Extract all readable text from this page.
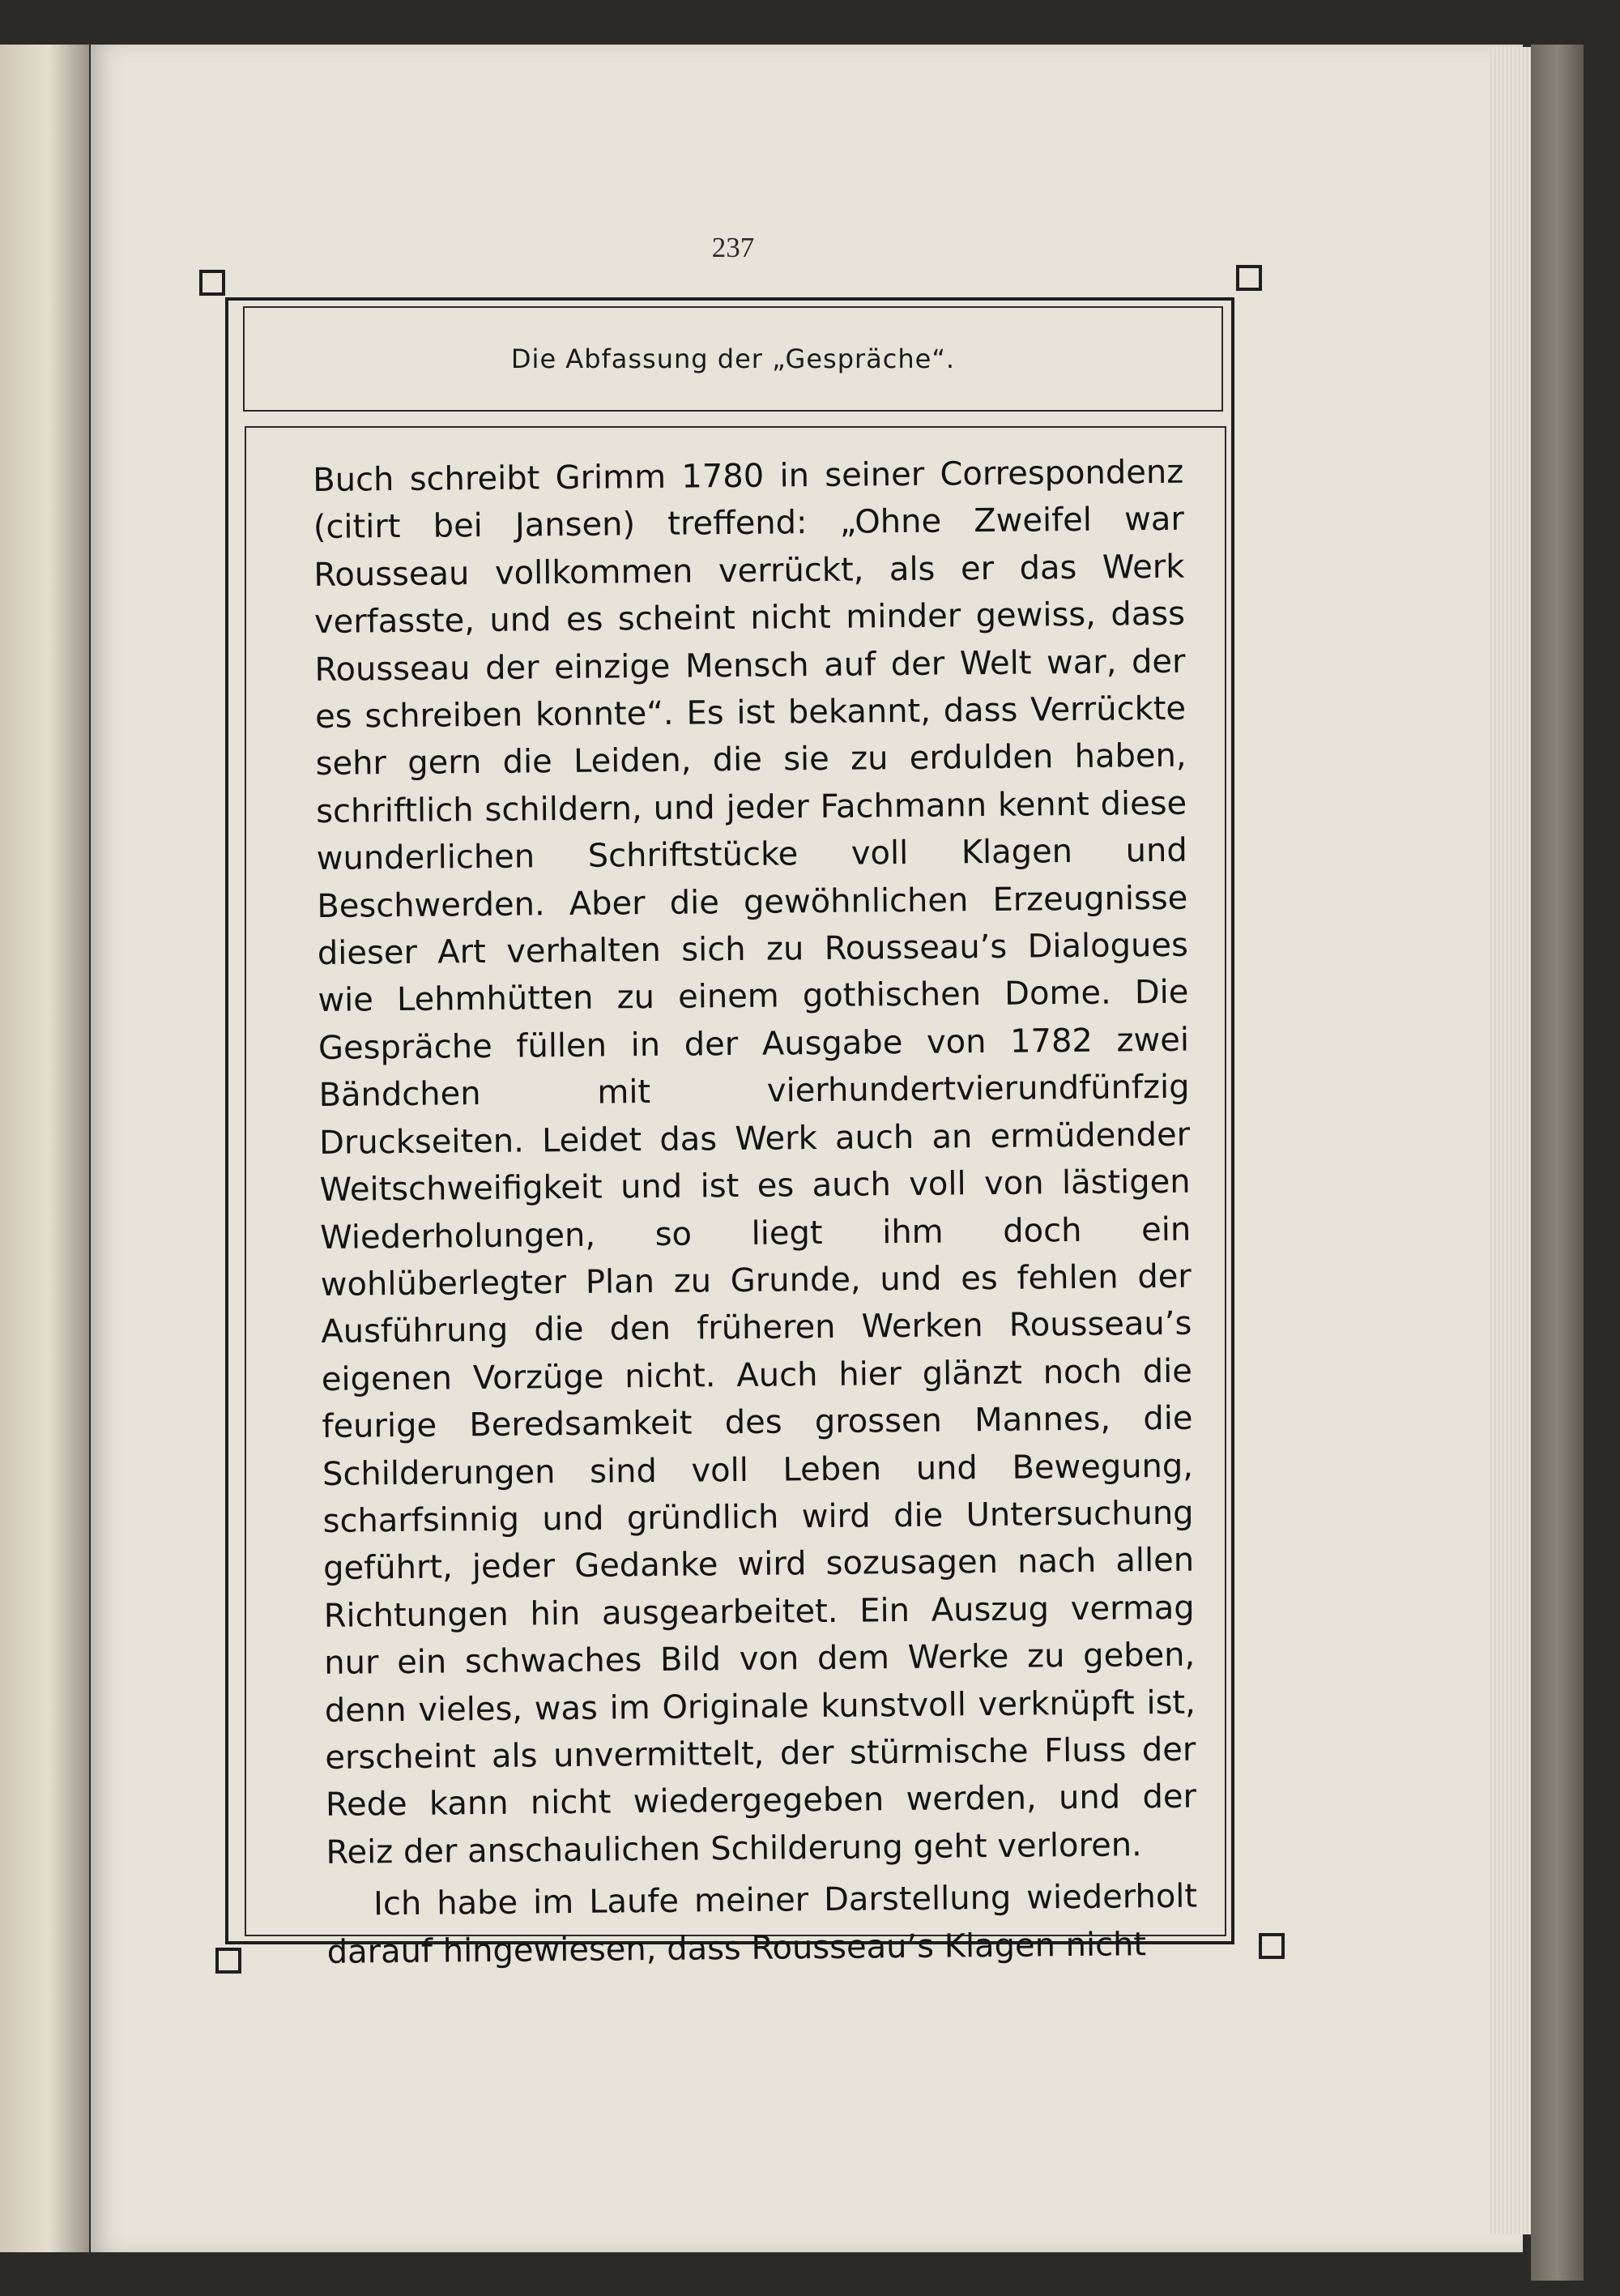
237
Die Abfassung der „Gespräche“.

Buch schreibt Grimm 1780 in seiner Correspondenz (citirt bei Jansen) treffend: „Ohne Zweifel war Rousseau vollkommen verrückt, als er das Werk verfasste, und es scheint nicht minder gewiss, dass Rousseau der einzige Mensch auf der Welt war, der es schreiben konnte“. Es ist bekannt, dass Verrückte sehr gern die Leiden, die sie zu erdulden haben, schriftlich schildern, und jeder Fachmann kennt diese wunderlichen Schriftstücke voll Klagen und Beschwerden. Aber die gewöhnlichen Erzeugnisse dieser Art verhalten sich zu Rousseau’s Dialogues wie Lehmhütten zu einem gothischen Dome. Die Gespräche füllen in der Ausgabe von 1782 zwei Bändchen mit vierhundertvierundfünfzig Druckseiten. Leidet das Werk auch an ermüdender Weitschweifigkeit und ist es auch voll von lästigen Wiederholungen, so liegt ihm doch ein wohlüberlegter Plan zu Grunde, und es fehlen der Ausführung die den früheren Werken Rousseau’s eigenen Vorzüge nicht. Auch hier glänzt noch die feurige Beredsamkeit des grossen Mannes, die Schilderungen sind voll Leben und Bewegung, scharfsinnig und gründlich wird die Untersuchung geführt, jeder Gedanke wird sozusagen nach allen Richtungen hin ausgearbeitet. Ein Auszug vermag nur ein schwaches Bild von dem Werke zu geben, denn vieles, was im Originale kunstvoll verknüpft ist, erscheint als unvermittelt, der stürmische Fluss der Rede kann nicht wiedergegeben werden, und der Reiz der anschaulichen Schilderung geht verloren.

Ich habe im Laufe meiner Darstellung wiederholt darauf hingewiesen, dass Rousseau’s Klagen nicht
